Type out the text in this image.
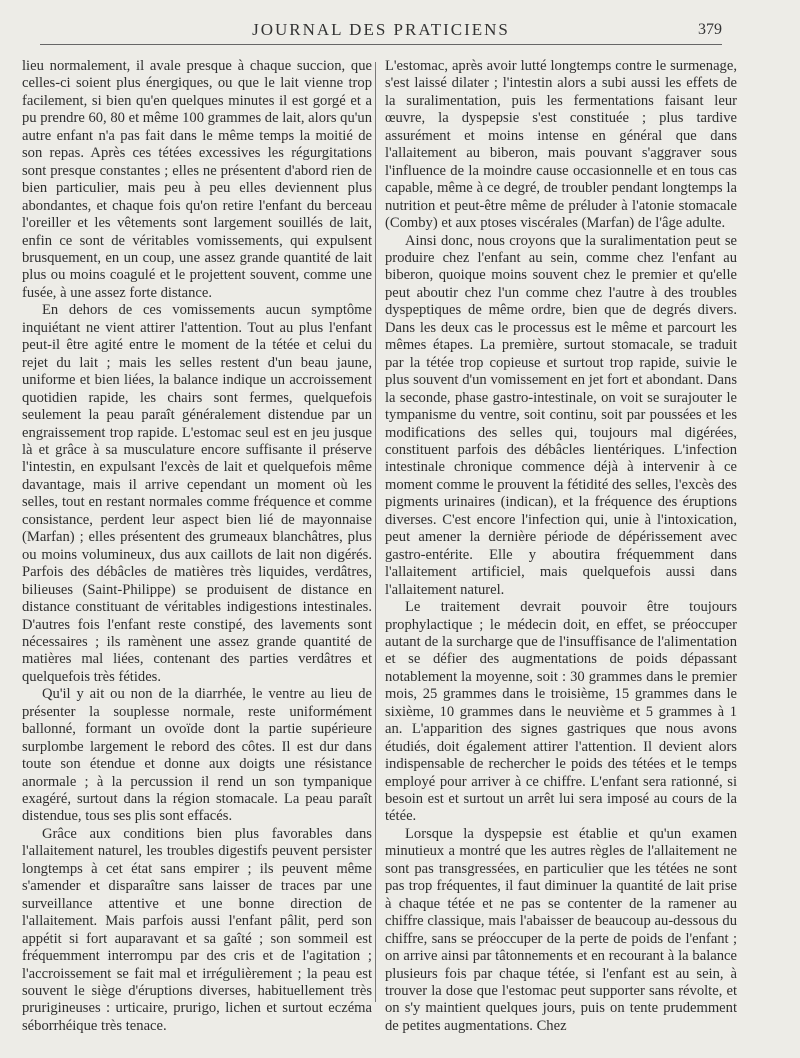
JOURNAL DES PRATICIENS	379

lieu normalement, il avale presque à chaque succion, que celles-ci soient plus énergiques, ou que le lait vienne trop facilement, si bien qu'en quelques minutes il est gorgé et a pu prendre 60, 80 et même 100 grammes de lait, alors qu'un autre enfant n'a pas fait dans le même temps la moitié de son repas. Après ces tétées excessives les régurgitations sont presque constantes ; elles ne présentent d'abord rien de bien particulier, mais peu à peu elles deviennent plus abondantes, et chaque fois qu'on retire l'enfant du berceau l'oreiller et les vêtements sont largement souillés de lait, enfin ce sont de véritables vomissements, qui expulsent brusquement, en un coup, une assez grande quantité de lait plus ou moins coagulé et le projettent souvent, comme une fusée, à une assez forte distance.

En dehors de ces vomissements aucun symptôme inquiétant ne vient attirer l'attention. Tout au plus l'enfant peut-il être agité entre le moment de la tétée et celui du rejet du lait ; mais les selles restent d'un beau jaune, uniforme et bien liées, la balance indique un accroissement quotidien rapide, les chairs sont fermes, quelquefois seulement la peau paraît généralement distendue par un engraissement trop rapide. L'estomac seul est en jeu jusque là et grâce à sa musculature encore suffisante il préserve l'intestin, en expulsant l'excès de lait et quelquefois même davantage, mais il arrive cependant un moment où les selles, tout en restant normales comme fréquence et comme consistance, perdent leur aspect bien lié de mayonnaise (Marfan) ; elles présentent des grumeaux blanchâtres, plus ou moins volumineux, dus aux caillots de lait non digérés. Parfois des débâcles de matières très liquides, verdâtres, bilieuses (Saint-Philippe) se produisent de distance en distance constituant de véritables indigestions intestinales. D'autres fois l'enfant reste constipé, des lavements sont nécessaires ; ils ramènent une assez grande quantité de matières mal liées, contenant des parties verdâtres et quelquefois très fétides.

Qu'il y ait ou non de la diarrhée, le ventre au lieu de présenter la souplesse normale, reste uniformément ballonné, formant un ovoïde dont la partie supérieure surplombe largement le rebord des côtes. Il est dur dans toute son étendue et donne aux doigts une résistance anormale ; à la percussion il rend un son tympanique exagéré, surtout dans la région stomacale. La peau paraît distendue, tous ses plis sont effacés.

Grâce aux conditions bien plus favorables dans l'allaitement naturel, les troubles digestifs peuvent persister longtemps à cet état sans empirer ; ils peuvent même s'amender et disparaître sans laisser de traces par une surveillance attentive et une bonne direction de l'allaitement. Mais parfois aussi l'enfant pâlit, perd son appétit si fort auparavant et sa gaîté ; son sommeil est fréquemment interrompu par des cris et de l'agitation ; l'accroissement se fait mal et irrégulièrement ; la peau est souvent le siège d'éruptions diverses, habituellement très prurigineuses : urticaire, prurigo, lichen et surtout eczéma séborrhéique très tenace.

L'estomac, après avoir lutté longtemps contre le surmenage, s'est laissé dilater ; l'intestin alors a subi aussi les effets de la suralimentation, puis les fermentations faisant leur œuvre, la dyspepsie s'est constituée ; plus tardive assurément et moins intense en général que dans l'allaitement au biberon, mais pouvant s'aggraver sous l'influence de la moindre cause occasionnelle et en tous cas capable, même à ce degré, de troubler pendant longtemps la nutrition et peut-être même de préluder à l'atonie stomacale (Comby) et aux ptoses viscérales (Marfan) de l'âge adulte.

Ainsi donc, nous croyons que la suralimentation peut se produire chez l'enfant au sein, comme chez l'enfant au biberon, quoique moins souvent chez le premier et qu'elle peut aboutir chez l'un comme chez l'autre à des troubles dyspeptiques de même ordre, bien que de degrés divers. Dans les deux cas le processus est le même et parcourt les mêmes étapes. La première, surtout stomacale, se traduit par la tétée trop copieuse et surtout trop rapide, suivie le plus souvent d'un vomissement en jet fort et abondant. Dans la seconde, phase gastro-intestinale, on voit se surajouter le tympanisme du ventre, soit continu, soit par poussées et les modifications des selles qui, toujours mal digérées, constituent parfois des débâcles lientériques. L'infection intestinale chronique commence déjà à intervenir à ce moment comme le prouvent la fétidité des selles, l'excès des pigments urinaires (indican), et la fréquence des éruptions diverses. C'est encore l'infection qui, unie à l'intoxication, peut amener la dernière période de dépérissement avec gastro-entérite. Elle y aboutira fréquemment dans l'allaitement artificiel, mais quelquefois aussi dans l'allaitement naturel.

Le traitement devrait pouvoir être toujours prophylactique ; le médecin doit, en effet, se préoccuper autant de la surcharge que de l'insuffisance de l'alimentation et se défier des augmentations de poids dépassant notablement la moyenne, soit : 30 grammes dans le premier mois, 25 grammes dans le troisième, 15 grammes dans le sixième, 10 grammes dans le neuvième et 5 grammes à 1 an. L'apparition des signes gastriques que nous avons étudiés, doit également attirer l'attention. Il devient alors indispensable de rechercher le poids des tétées et le temps employé pour arriver à ce chiffre. L'enfant sera rationné, si besoin est et surtout un arrêt lui sera imposé au cours de la tétée.

Lorsque la dyspepsie est établie et qu'un examen minutieux a montré que les autres règles de l'allaitement ne sont pas transgressées, en particulier que les tétées ne sont pas trop fréquentes, il faut diminuer la quantité de lait prise à chaque tétée et ne pas se contenter de la ramener au chiffre classique, mais l'abaisser de beaucoup au-dessous du chiffre, sans se préoccuper de la perte de poids de l'enfant ; on arrive ainsi par tâtonnements et en recourant à la balance plusieurs fois par chaque tétée, si l'enfant est au sein, à trouver la dose que l'estomac peut supporter sans révolte, et on s'y maintient quelques jours, puis on tente prudemment de petites augmentations. Chez
